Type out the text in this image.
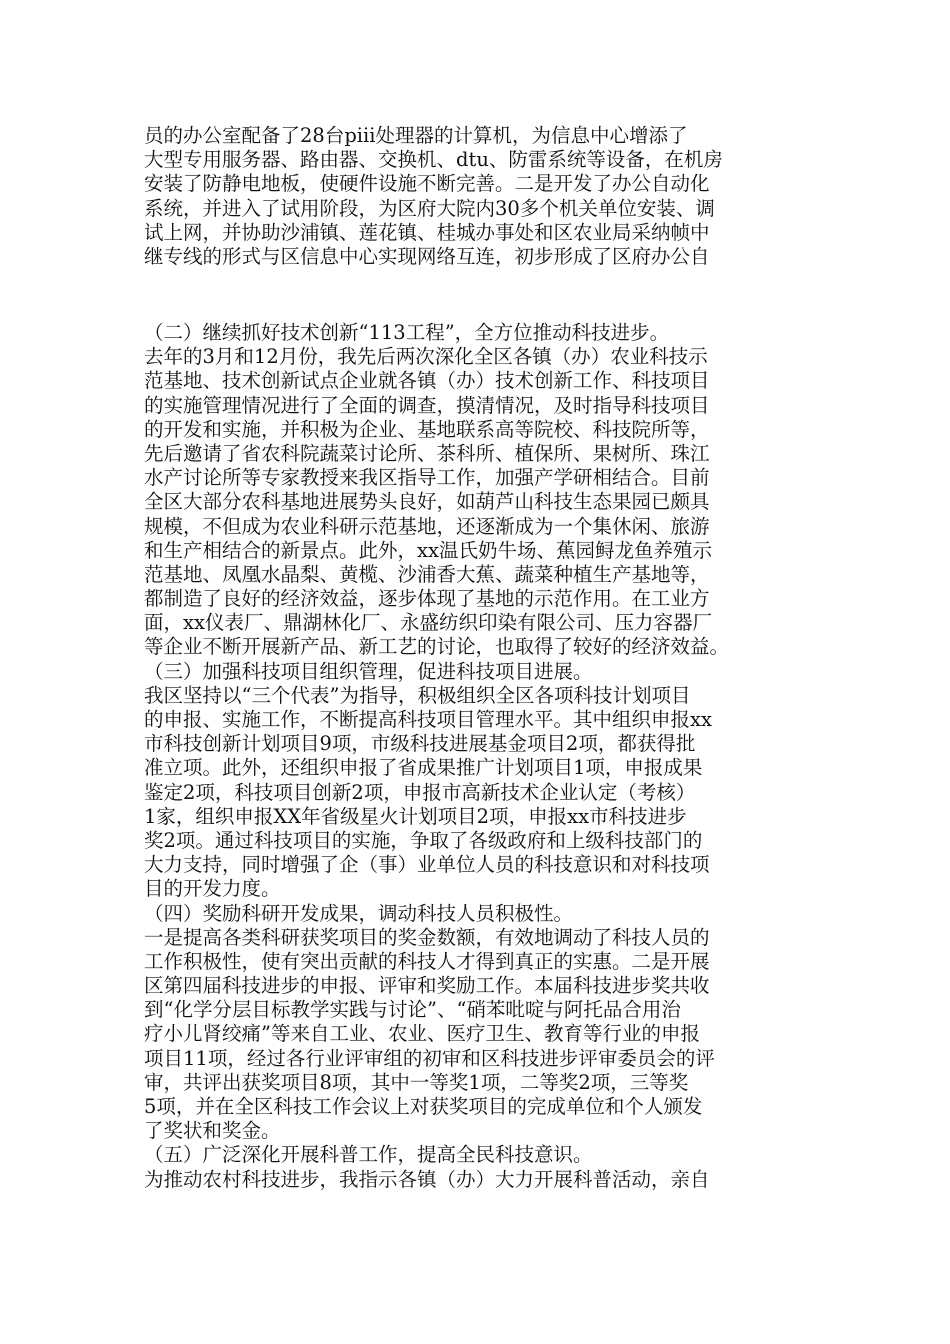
员的办公室配备了28台piii处理器的计算机，为信息中心增添了
大型专用服务器、路由器、交换机、dtu、防雷系统等设备，在机房
安装了防静电地板，使硬件设施不断完善。二是开发了办公自动化
系统，并进入了试用阶段，为区府大院内30多个机关单位安装、调
试上网，并协助沙浦镇、莲花镇、桂城办事处和区农业局采纳帧中
继专线的形式与区信息中心实现网络互连，初步形成了区府办公自
（二）继续抓好技术创新“113工程”，全方位推动科技进步。
去年的3月和12月份，我先后两次深化全区各镇（办）农业科技示
范基地、技术创新试点企业就各镇（办）技术创新工作、科技项目
的实施管理情况进行了全面的调查，摸清情况，及时指导科技项目
的开发和实施，并积极为企业、基地联系高等院校、科技院所等，
先后邀请了省农科院蔬菜讨论所、茶科所、植保所、果树所、珠江
水产讨论所等专家教授来我区指导工作，加强产学研相结合。目前
全区大部分农科基地进展势头良好，如葫芦山科技生态果园已颇具
规模，不但成为农业科研示范基地，还逐渐成为一个集休闲、旅游
和生产相结合的新景点。此外，xx温氏奶牛场、蕉园鲟龙鱼养殖示
范基地、凤凰水晶梨、黄榄、沙浦香大蕉、蔬菜种植生产基地等，
都制造了良好的经济效益，逐步体现了基地的示范作用。在工业方
面，xx仪表厂、鼎湖林化厂、永盛纺织印染有限公司、压力容器厂
等企业不断开展新产品、新工艺的讨论，也取得了较好的经济效益。
（三）加强科技项目组织管理，促进科技项目进展。
我区坚持以“三个代表”为指导，积极组织全区各项科技计划项目
的申报、实施工作，不断提高科技项目管理水平。其中组织申报xx
市科技创新计划项目9项，市级科技进展基金项目2项，都获得批
准立项。此外，还组织申报了省成果推广计划项目1项，申报成果
鉴定2项，科技项目创新2项，申报市高新技术企业认定（考核）
1家，组织申报XX年省级星火计划项目2项，申报xx市科技进步
奖2项。通过科技项目的实施，争取了各级政府和上级科技部门的
大力支持，同时增强了企（事）业单位人员的科技意识和对科技项
目的开发力度。
（四）奖励科研开发成果，调动科技人员积极性。
一是提高各类科研获奖项目的奖金数额，有效地调动了科技人员的
工作积极性，使有突出贡献的科技人才得到真正的实惠。二是开展
区第四届科技进步的申报、评审和奖励工作。本届科技进步奖共收
到“化学分层目标教学实践与讨论”、“硝苯吡啶与阿托品合用治
疗小儿肾绞痛”等来自工业、农业、医疗卫生、教育等行业的申报
项目11项，经过各行业评审组的初审和区科技进步评审委员会的评
审，共评出获奖项目8项，其中一等奖1项，二等奖2项，三等奖
5项，并在全区科技工作会议上对获奖项目的完成单位和个人颁发
了奖状和奖金。
（五）广泛深化开展科普工作，提高全民科技意识。
为推动农村科技进步，我指示各镇（办）大力开展科普活动，亲自
